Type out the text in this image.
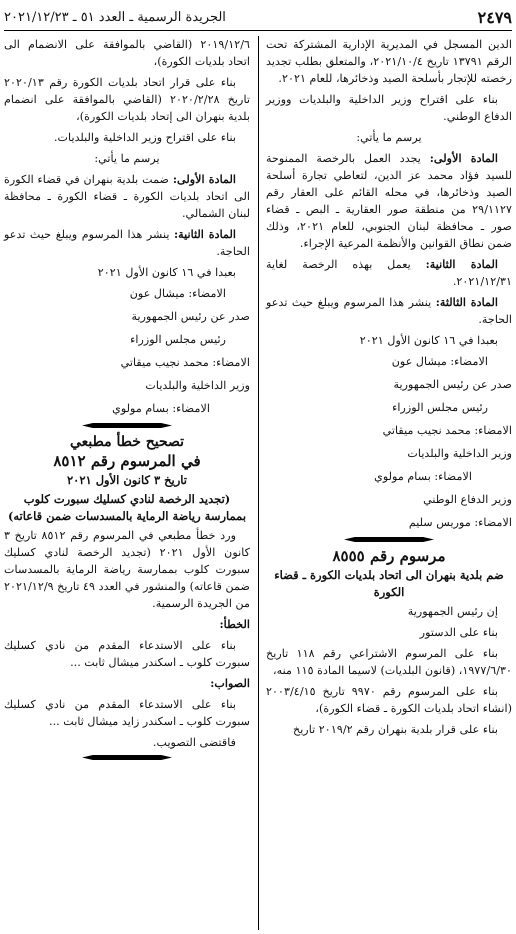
٢٤٧٩
الجريدة الرسمية ـ العدد ٥١ ـ ٢٠٢١/١٢/٢٣

الدين المسجل في المديرية الإدارية المشتركة تحت الرقم ١٣٧٩١ تاريخ ٢٠٢١/١٠/٤، والمتعلق بطلب تجديد رخصته للإتجار بأسلحة الصيد وذخائرها، للعام ٢٠٢١.

بناء على اقتراح وزير الداخلية والبلديات ووزير الدفاع الوطني.

يرسم ما يأتي:

المادة الأولى: يجدد العمل بالرخصة الممنوحة للسيد فؤاد محمد عز الدين، لتعاطي تجارة أسلحة الصيد وذخائرها، في محله القائم على العقار رقم ٢٩/١١٢٧ من منطقة صور العقارية ـ البص ـ قضاء صور ـ محافظة لبنان الجنوبي، للعام ٢٠٢١، وذلك ضمن نطاق القوانين والأنظمة المرعية الإجراء.

المادة الثانية: يعمل بهذه الرخصة لغاية ٢٠٢١/١٢/٣١.

المادة الثالثة: ينشر هذا المرسوم ويبلغ حيث تدعو الحاجة.

بعبدا في ١٦ كانون الأول ٢٠٢١

الامضاء: ميشال عون

صدر عن رئيس الجمهورية

رئيس مجلس الوزراء

الامضاء: محمد نجيب ميقاتي

وزير الداخلية والبلديات

الامضاء: بسام مولوي

وزير الدفاع الوطني

الامضاء: موريس سليم

مرسوم رقم ٨٥٥٥

ضم بلدية بنهران الى اتحاد بلديات الكورة ـ قضاء الكورة

إن رئيس الجمهورية

بناء على الدستور

بناء على المرسوم الاشتراعي رقم ١١٨ تاريخ ١٩٧٧/٦/٣٠، (قانون البلديات) لاسيما المادة ١١٥ منه،

بناء على المرسوم رقم ٩٩٧٠ تاريخ ٢٠٠٣/٤/١٥ (انشاء اتحاد بلديات الكورة ـ قضاء الكورة)،

بناء على قرار بلدية بنهران رقم ٢٠١٩/٢ تاريخ

٢٠١٩/١٢/٦ (القاضي بالموافقة على الانضمام الى اتحاد بلديات الكورة)،

بناء على قرار اتحاد بلديات الكورة رقم ٢٠٢٠/١٣ تاريخ ٢٠٢٠/٢/٢٨ (القاضي بالموافقة على انضمام بلدية بنهران الى إتحاد بلديات الكورة)،

بناء على اقتراح وزير الداخلية والبلديات.

يرسم ما يأتي:

المادة الأولى: ضمت بلدية بنهران في قضاء الكورة الى اتحاد بلديات الكورة ـ قضاء الكورة ـ محافظة لبنان الشمالي.

المادة الثانية: ينشر هذا المرسوم ويبلغ حيث تدعو الحاجة.

بعبدا في ١٦ كانون الأول ٢٠٢١

الامضاء: ميشال عون

صدر عن رئيس الجمهورية

رئيس مجلس الوزراء

الامضاء: محمد نجيب ميقاتي

وزير الداخلية والبلديات

الامضاء: بسام مولوي

تصحيح خطأ مطبعي

في المرسوم رقم ٨٥١٢

تاريخ ٣ كانون الأول ٢٠٢١

(تجديد الرخصة لنادي كسليك سبورت كلوب بممارسة رياضة الرماية بالمسدسات ضمن قاعاته)

ورد خطأ مطبعي في المرسوم رقم ٨٥١٢ تاريخ ٣ كانون الأول ٢٠٢١ (تجديد الرخصة لنادي كسليك سبورت كلوب بممارسة رياضة الرماية بالمسدسات ضمن قاعاته) والمنشور في العدد ٤٩ تاريخ ٢٠٢١/١٢/٩ من الجريدة الرسمية.

الخطأ:

بناء على الاستدعاء المقدم من نادي كسليك سبورت كلوب ـ اسكندر ميشال ثابت ...

الصواب:

بناء على الاستدعاء المقدم من نادي كسليك سبورت كلوب ـ اسكندر زايد ميشال ثابت ...

فاقتضى التصويب.
